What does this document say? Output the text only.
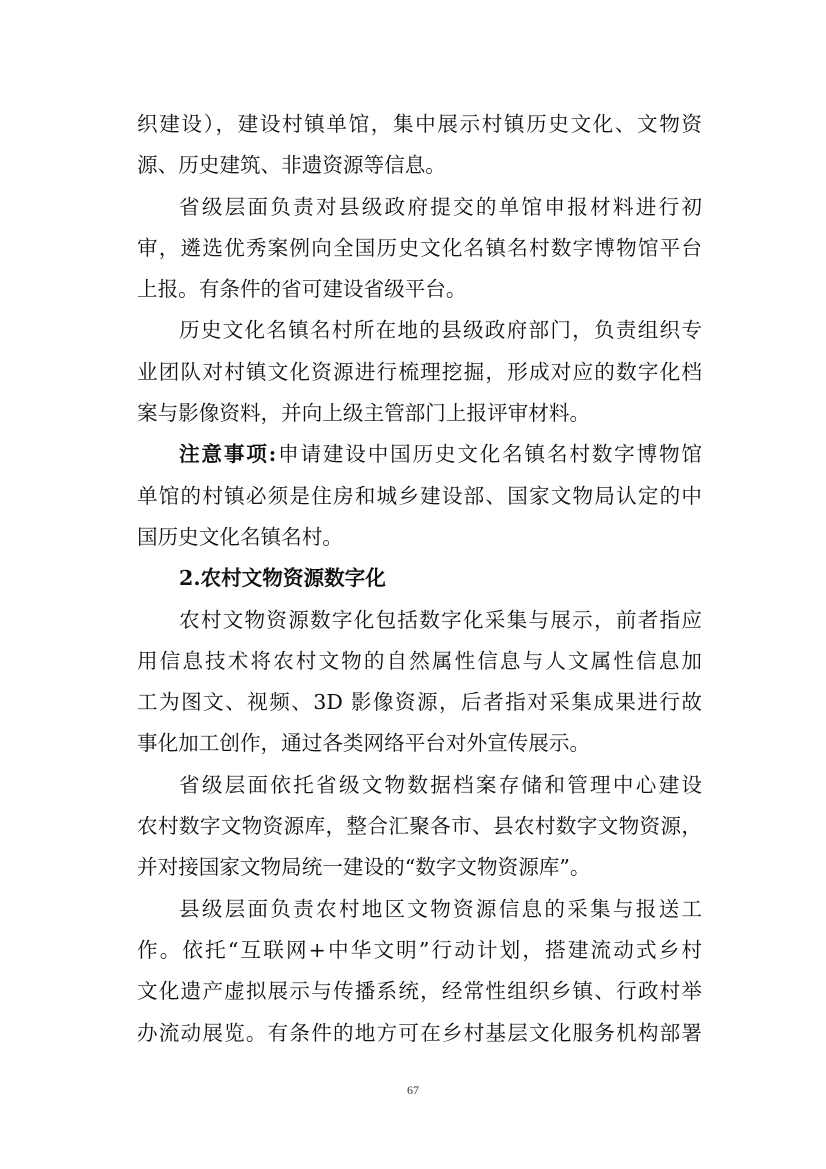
织建设），建设村镇单馆，集中展示村镇历史文化、文物资
源、历史建筑、非遗资源等信息。
省级层面负责对县级政府提交的单馆申报材料进行初
审，遴选优秀案例向全国历史文化名镇名村数字博物馆平台
上报。有条件的省可建设省级平台。
历史文化名镇名村所在地的县级政府部门，负责组织专
业团队对村镇文化资源进行梳理挖掘，形成对应的数字化档
案与影像资料，并向上级主管部门上报评审材料。
注意事项:申请建设中国历史文化名镇名村数字博物馆
单馆的村镇必须是住房和城乡建设部、国家文物局认定的中
国历史文化名镇名村。
2.农村文物资源数字化
农村文物资源数字化包括数字化采集与展示，前者指应
用信息技术将农村文物的自然属性信息与人文属性信息加
工为图文、视频、3D 影像资源，后者指对采集成果进行故
事化加工创作，通过各类网络平台对外宣传展示。
省级层面依托省级文物数据档案存储和管理中心建设
农村数字文物资源库，整合汇聚各市、县农村数字文物资源，
并对接国家文物局统一建设的“数字文物资源库”。
县级层面负责农村地区文物资源信息的采集与报送工
作。依托“互联网+中华文明”行动计划，搭建流动式乡村
文化遗产虚拟展示与传播系统，经常性组织乡镇、行政村举
办流动展览。有条件的地方可在乡村基层文化服务机构部署
67
